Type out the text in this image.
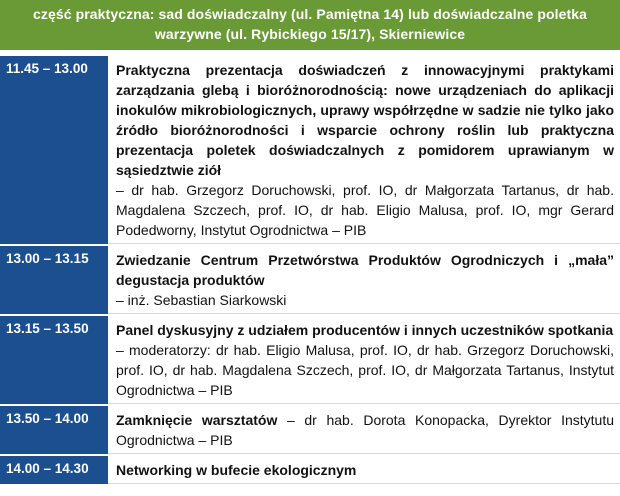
część praktyczna: sad doświadczalny (ul. Pamiętna 14) lub doświadczalne poletka
warzywne (ul. Rybickiego 15/17), Skierniewice
11.45 – 13.00	Praktyczna prezentacja doświadczeń z innowacyjnymi praktykami zarządzania glebą i bioróżnorodnością: nowe urządzeniach do aplikacji inokulów mikrobiologicznych, uprawy współrzędne w sadzie nie tylko jako źródło bioróżnorodności i wsparcie ochrony roślin lub praktyczna prezentacja poletek doświadczalnych z pomidorem uprawianym w sąsiedztwie ziół
– dr hab. Grzegorz Doruchowski, prof. IO, dr Małgorzata Tartanus, dr hab. Magdalena Szczech, prof. IO, dr hab. Eligio Malusa, prof. IO, mgr Gerard Podedworny, Instytut Ogrodnictwa – PIB
13.00 – 13.15	Zwiedzanie Centrum Przetwórstwa Produktów Ogrodniczych i „mała” degustacja produktów
– inż. Sebastian Siarkowski
13.15 – 13.50	Panel dyskusyjny z udziałem producentów i innych uczestników spotkania
– moderatorzy: dr hab. Eligio Malusa, prof. IO, dr hab. Grzegorz Doruchowski, prof. IO, dr hab. Magdalena Szczech, prof. IO, dr Małgorzata Tartanus, Instytut Ogrodnictwa – PIB
13.50 – 14.00	Zamknięcie warsztatów – dr hab. Dorota Konopacka, Dyrektor Instytutu Ogrodnictwa – PIB
14.00 – 14.30	Networking w bufecie ekologicznym
